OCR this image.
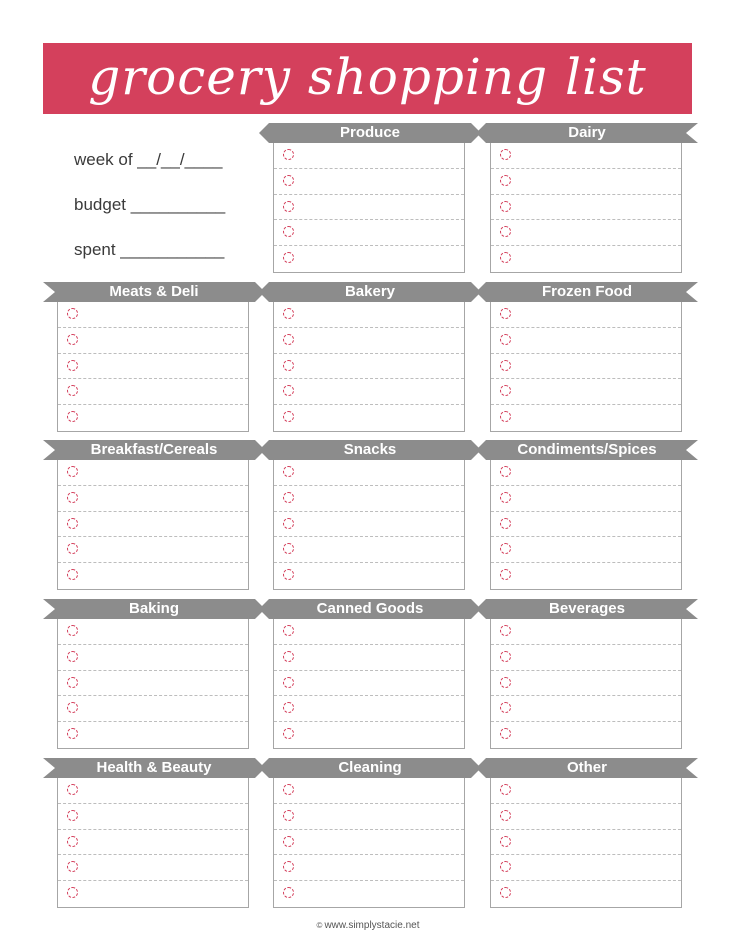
grocery shopping list
week of __/__/____
budget __________
spent ___________
Produce	Dairy
Meats & Deli	Bakery	Frozen Food
Breakfast/Cereals	Snacks	Condiments/Spices
Baking	Canned Goods	Beverages
Health & Beauty	Cleaning	Other
© www.simplystacie.net
